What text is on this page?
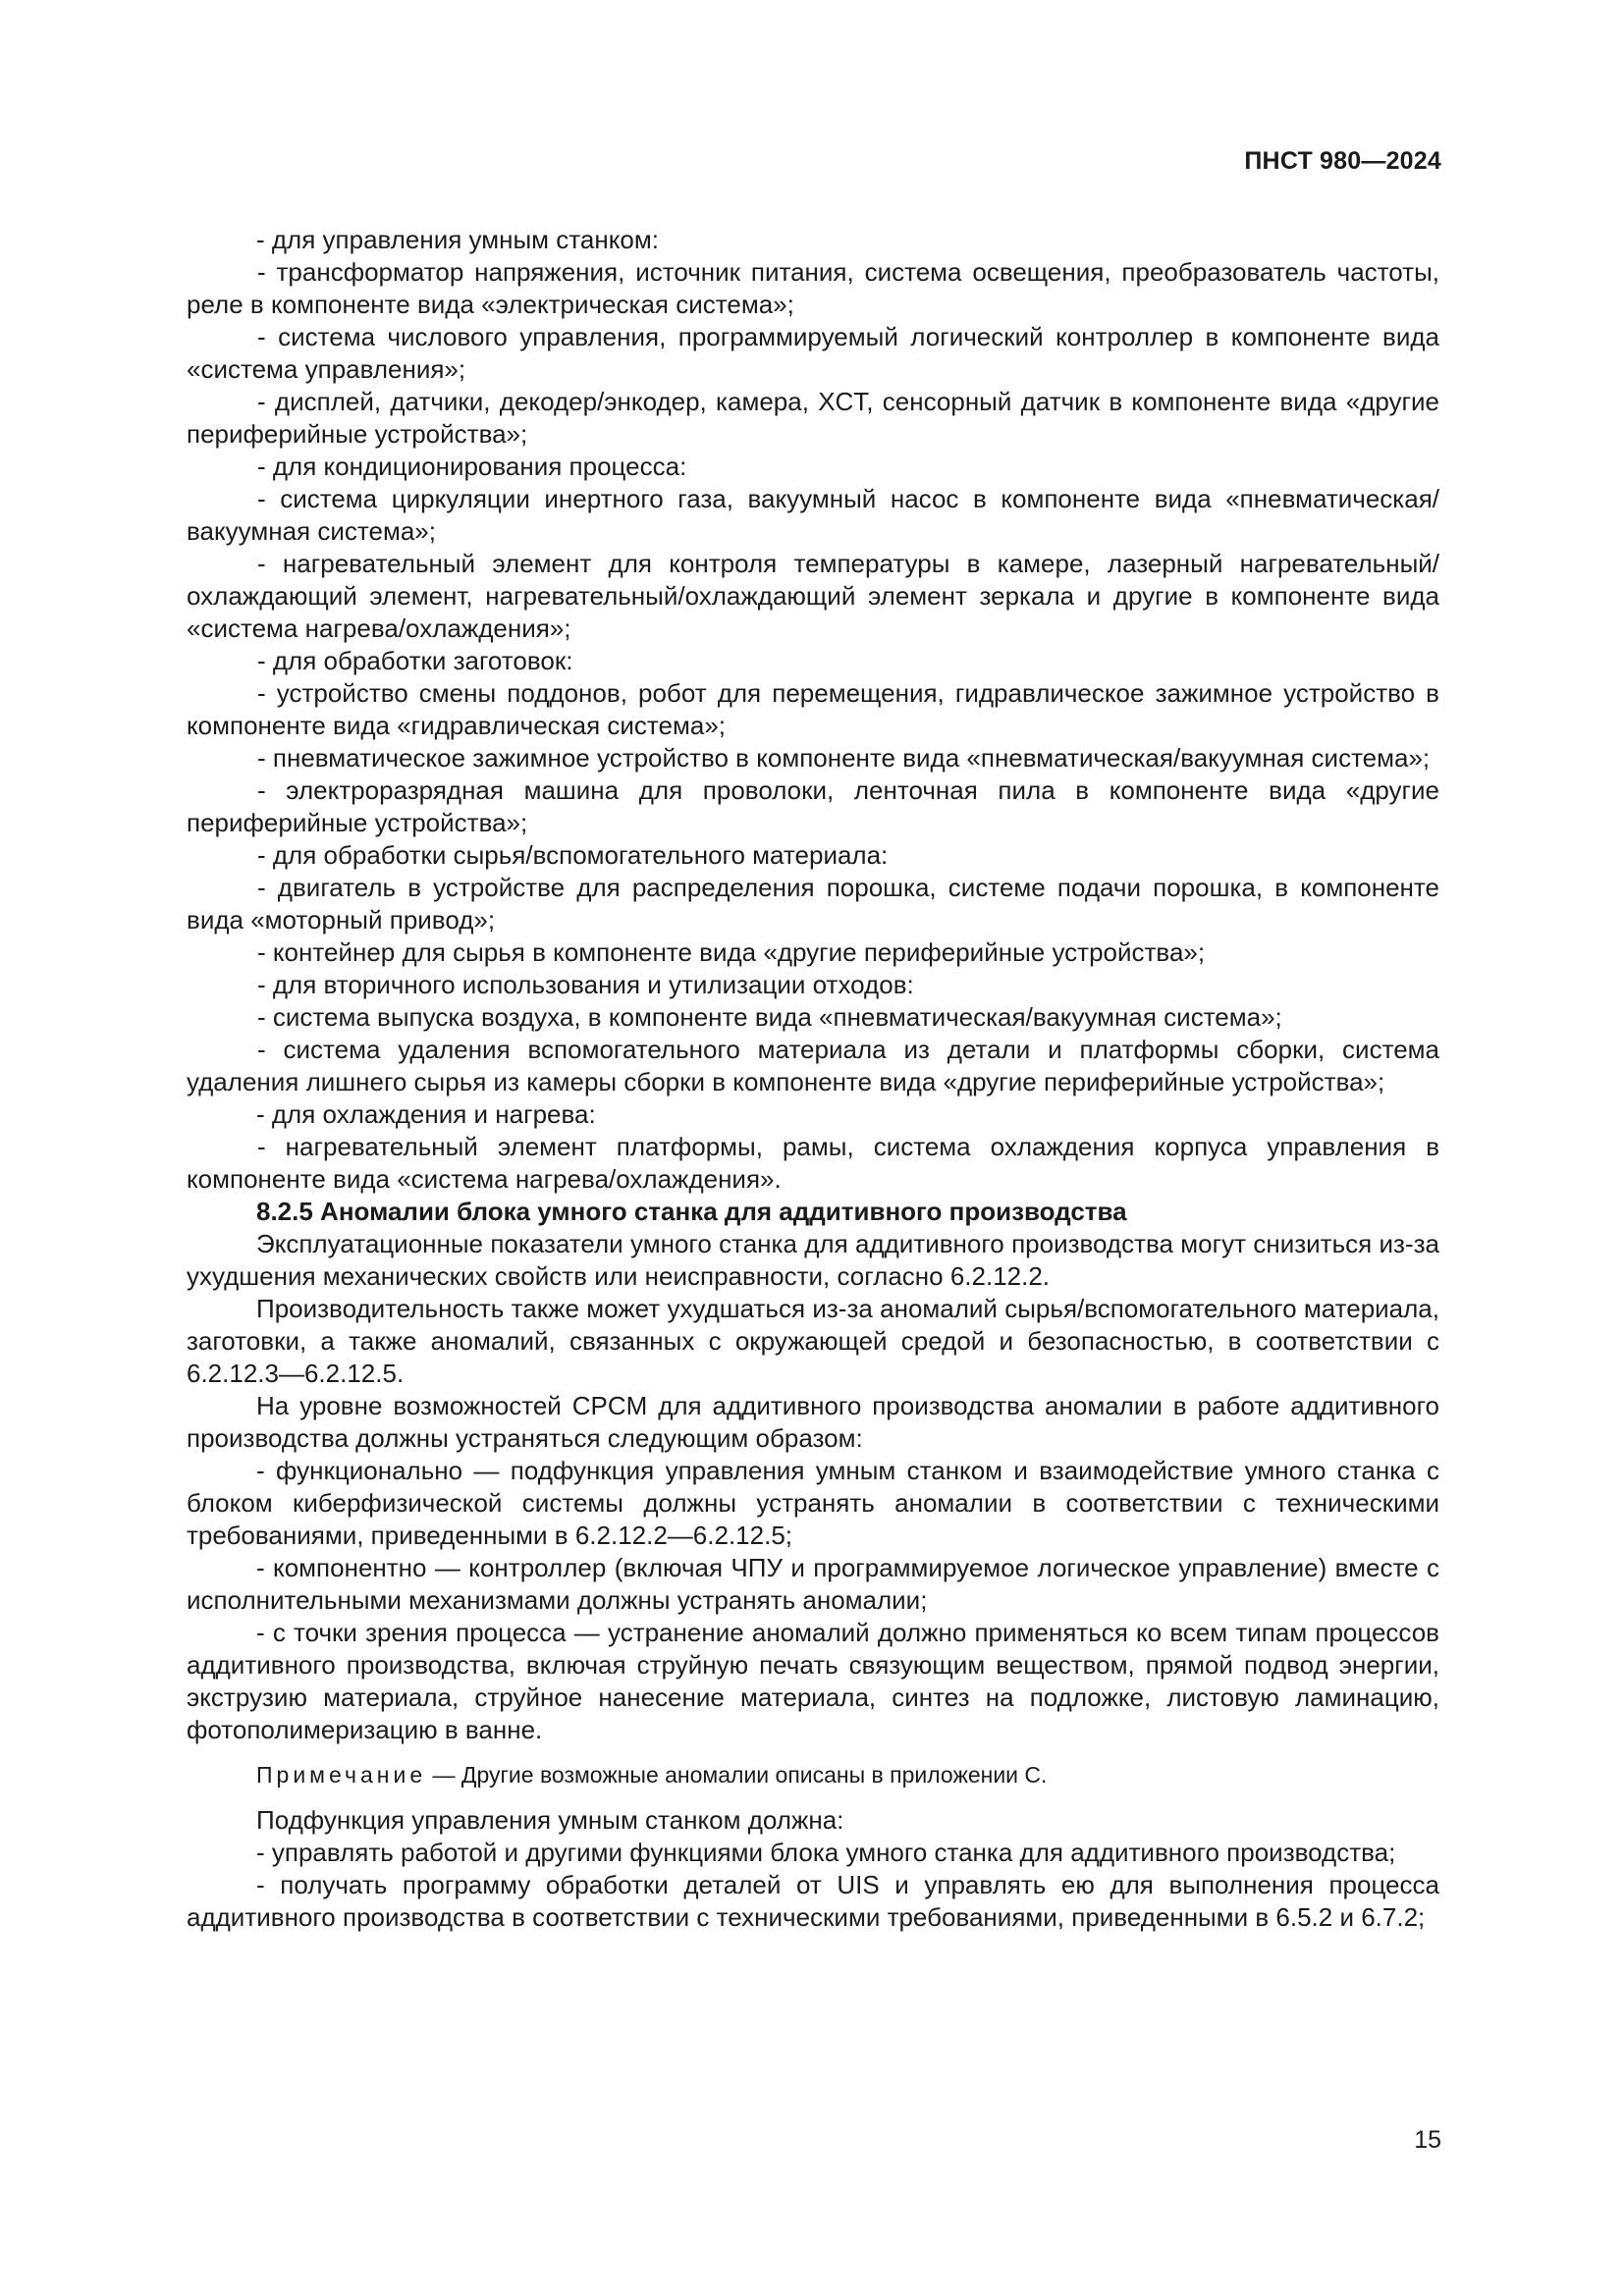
ПНСТ 980—2024

- для управления умным станком:

- трансформатор напряжения, источник питания, система освещения, преобразователь частоты, реле в компоненте вида «электрическая система»;

- система числового управления, программируемый логический контроллер в компоненте вида «система управления»;

- дисплей, датчики, декодер/энкодер, камера, XCT, сенсорный датчик в компоненте вида «другие периферийные устройства»;

- для кондиционирования процесса:

- система циркуляции инертного газа, вакуумный насос в компоненте вида «пневматическая/вакуумная система»;

- нагревательный элемент для контроля температуры в камере, лазерный нагревательный/охлаждающий элемент, нагревательный/охлаждающий элемент зеркала и другие в компоненте вида «система нагрева/охлаждения»;

- для обработки заготовок:

- устройство смены поддонов, робот для перемещения, гидравлическое зажимное устройство в компоненте вида «гидравлическая система»;

- пневматическое зажимное устройство в компоненте вида «пневматическая/вакуумная система»;

- электроразрядная машина для проволоки, ленточная пила в компоненте вида «другие периферийные устройства»;

- для обработки сырья/вспомогательного материала:

- двигатель в устройстве для распределения порошка, системе подачи порошка, в компоненте вида «моторный привод»;

- контейнер для сырья в компоненте вида «другие периферийные устройства»;

- для вторичного использования и утилизации отходов:

- система выпуска воздуха, в компоненте вида «пневматическая/вакуумная система»;

- система удаления вспомогательного материала из детали и платформы сборки, система удаления лишнего сырья из камеры сборки в компоненте вида «другие периферийные устройства»;

- для охлаждения и нагрева:

- нагревательный элемент платформы, рамы, система охлаждения корпуса управления в компоненте вида «система нагрева/охлаждения».

8.2.5 Аномалии блока умного станка для аддитивного производства

Эксплуатационные показатели умного станка для аддитивного производства могут снизиться из-за ухудшения механических свойств или неисправности, согласно 6.2.12.2.

Производительность также может ухудшаться из-за аномалий сырья/вспомогательного материала, заготовки, а также аномалий, связанных с окружающей средой и безопасностью, в соответствии с 6.2.12.3—6.2.12.5.

На уровне возможностей CPCM для аддитивного производства аномалии в работе аддитивного производства должны устраняться следующим образом:

- функционально — подфункция управления умным станком и взаимодействие умного станка с блоком киберфизической системы должны устранять аномалии в соответствии с техническими требованиями, приведенными в 6.2.12.2—6.2.12.5;

- компонентно — контроллер (включая ЧПУ и программируемое логическое управление) вместе с исполнительными механизмами должны устранять аномалии;

- с точки зрения процесса — устранение аномалий должно применяться ко всем типам процессов аддитивного производства, включая струйную печать связующим веществом, прямой подвод энергии, экструзию материала, струйное нанесение материала, синтез на подложке, листовую ламинацию, фотополимеризацию в ванне.

Примечание — Другие возможные аномалии описаны в приложении С.

Подфункция управления умным станком должна:

- управлять работой и другими функциями блока умного станка для аддитивного производства;

- получать программу обработки деталей от UIS и управлять ею для выполнения процесса аддитивного производства в соответствии с техническими требованиями, приведенными в 6.5.2 и 6.7.2;

15
